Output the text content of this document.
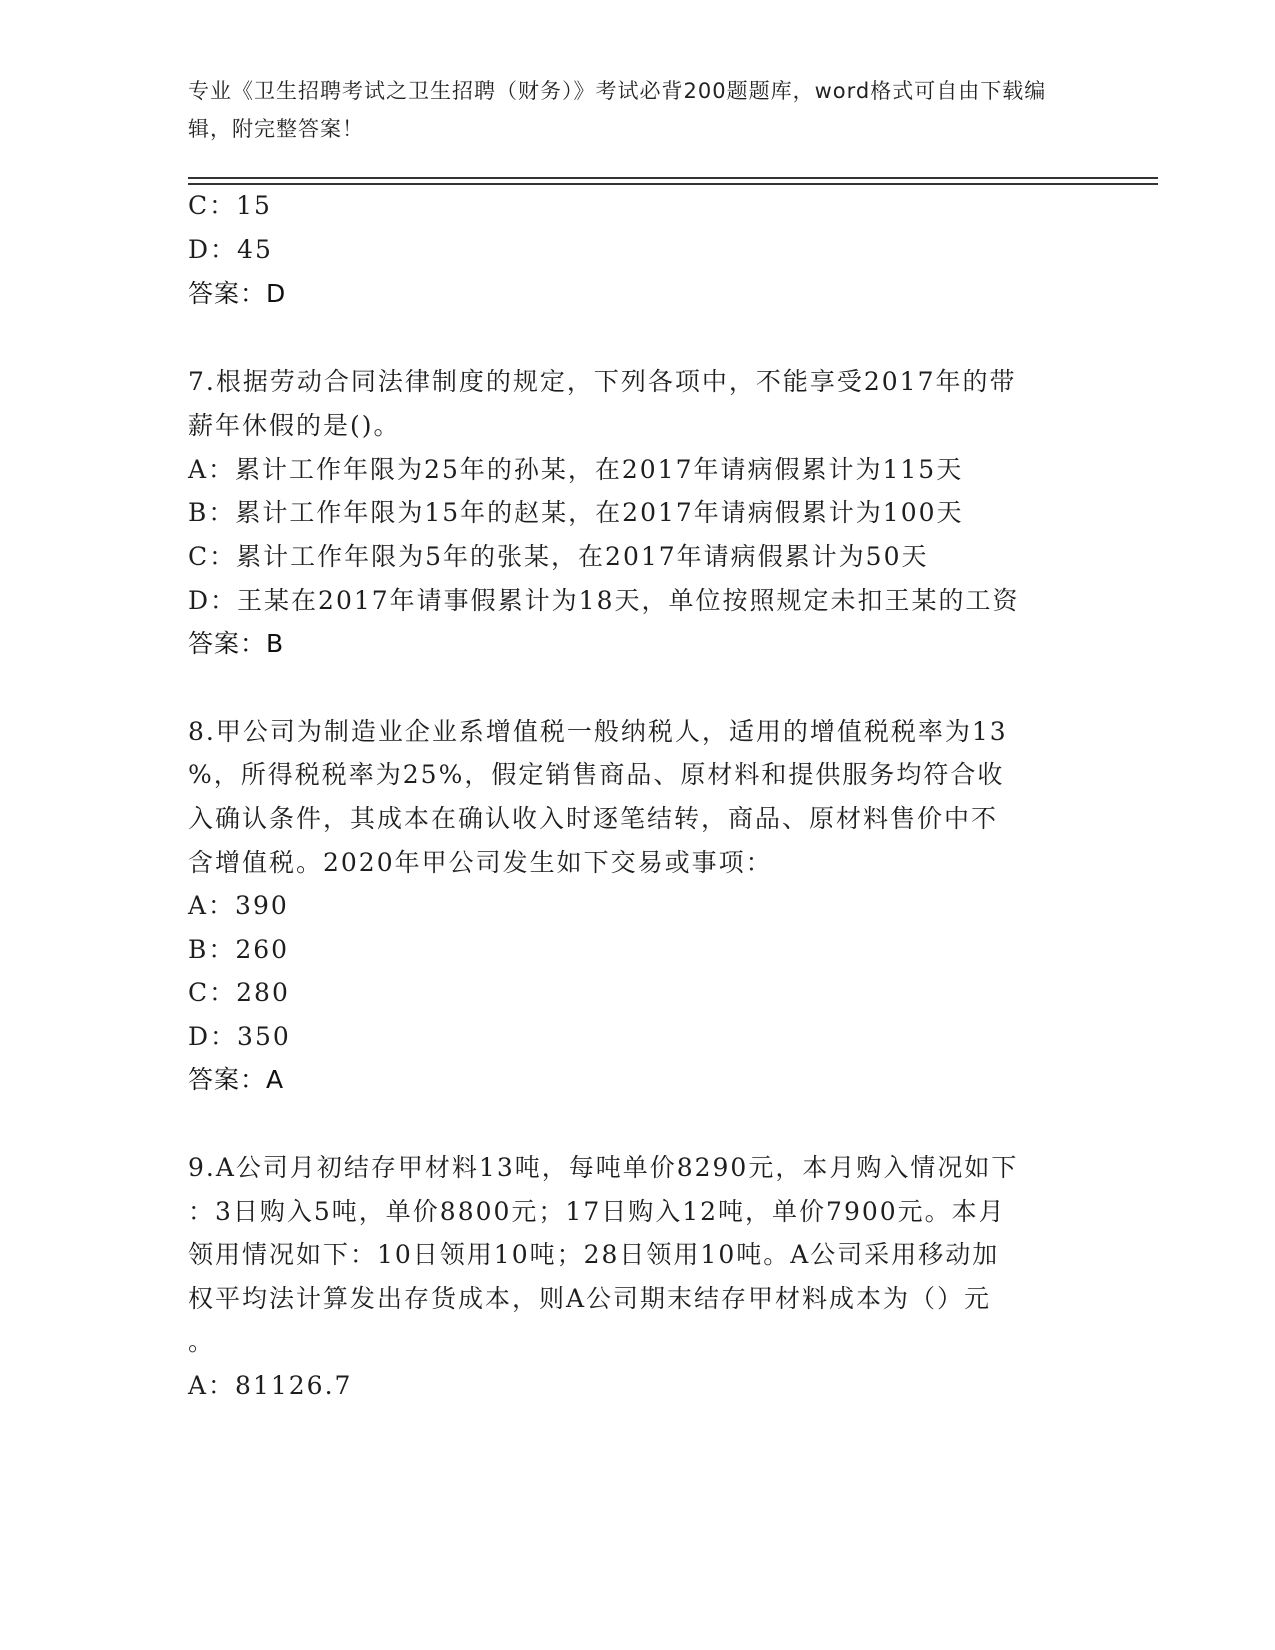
专业《卫生招聘考试之卫生招聘（财务）》考试必背200题题库，word格式可自由下载编辑，附完整答案！
C：15
D：45
答案：D
7.根据劳动合同法律制度的规定，下列各项中，不能享受2017年的带
薪年休假的是()。
A：累计工作年限为25年的孙某，在2017年请病假累计为115天
B：累计工作年限为15年的赵某，在2017年请病假累计为100天
C：累计工作年限为5年的张某，在2017年请病假累计为50天
D：王某在2017年请事假累计为18天，单位按照规定未扣王某的工资
答案：B
8.甲公司为制造业企业系增值税一般纳税人，适用的增值税税率为13
%，所得税税率为25%，假定销售商品、原材料和提供服务均符合收
入确认条件，其成本在确认收入时逐笔结转，商品、原材料售价中不
含增值税。2020年甲公司发生如下交易或事项：
A：390
B：260
C：280
D：350
答案：A
9.A公司月初结存甲材料13吨，每吨单价8290元，本月购入情况如下
：3日购入5吨，单价8800元；17日购入12吨，单价7900元。本月
领用情况如下：10日领用10吨；28日领用10吨。A公司采用移动加
权平均法计算发出存货成本，则A公司期末结存甲材料成本为（）元
。
A：81126.7
